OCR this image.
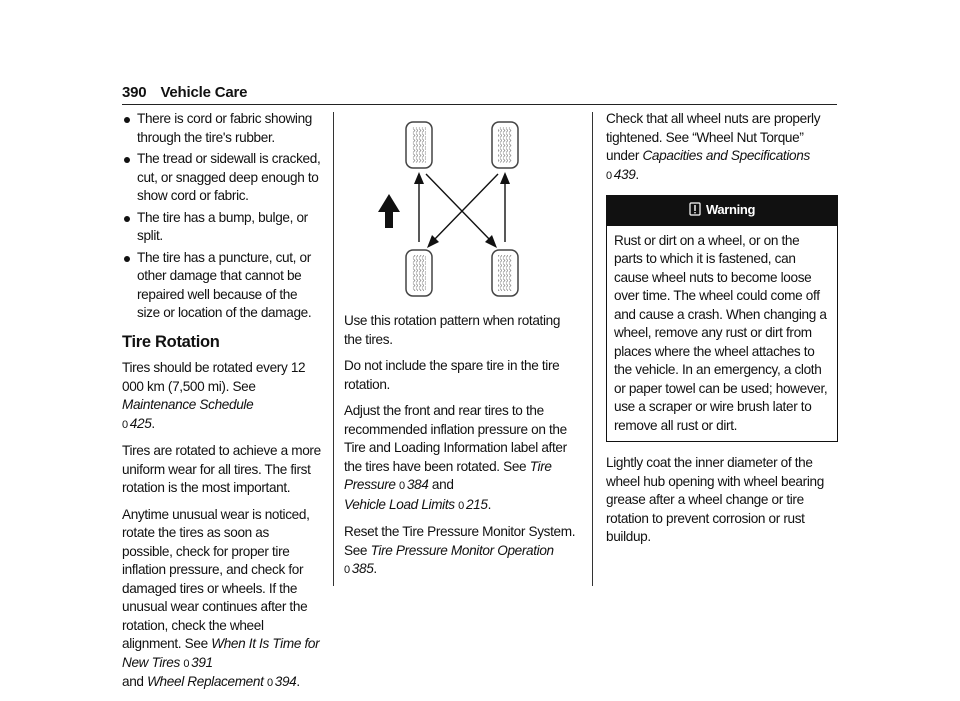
390 Vehicle Care
There is cord or fabric showing through the tire's rubber.
The tread or sidewall is cracked, cut, or snagged deep enough to show cord or fabric.
The tire has a bump, bulge, or split.
The tire has a puncture, cut, or other damage that cannot be repaired well because of the size or location of the damage.
Tire Rotation

Tires should be rotated every 12 000 km (7,500 mi). See Maintenance Schedule
0 425.

Tires are rotated to achieve a more uniform wear for all tires. The first rotation is the most important.

Anytime unusual wear is noticed, rotate the tires as soon as possible, check for proper tire inflation pressure, and check for damaged tires or wheels. If the unusual wear continues after the rotation, check the wheel alignment. See When It Is Time for New Tires 0 391
and Wheel Replacement 0 394.

Use this rotation pattern when rotating the tires.

Do not include the spare tire in the tire rotation.

Adjust the front and rear tires to the recommended inflation pressure on the Tire and Loading Information label after the tires have been rotated. See Tire Pressure 0 384 and
Vehicle Load Limits 0 215.

Reset the Tire Pressure Monitor System. See Tire Pressure Monitor Operation
0 385.

Check that all wheel nuts are properly tightened. See “Wheel Nut Torque” under Capacities and Specifications
0 439.

Warning
Rust or dirt on a wheel, or on the parts to which it is fastened, can cause wheel nuts to become loose over time. The wheel could come off and cause a crash. When changing a wheel, remove any rust or dirt from places where the wheel attaches to the vehicle. In an emergency, a cloth or paper towel can be used; however, use a scraper or wire brush later to remove all rust or dirt.

Lightly coat the inner diameter of the wheel hub opening with wheel bearing grease after a wheel change or tire rotation to prevent corrosion or rust buildup.
